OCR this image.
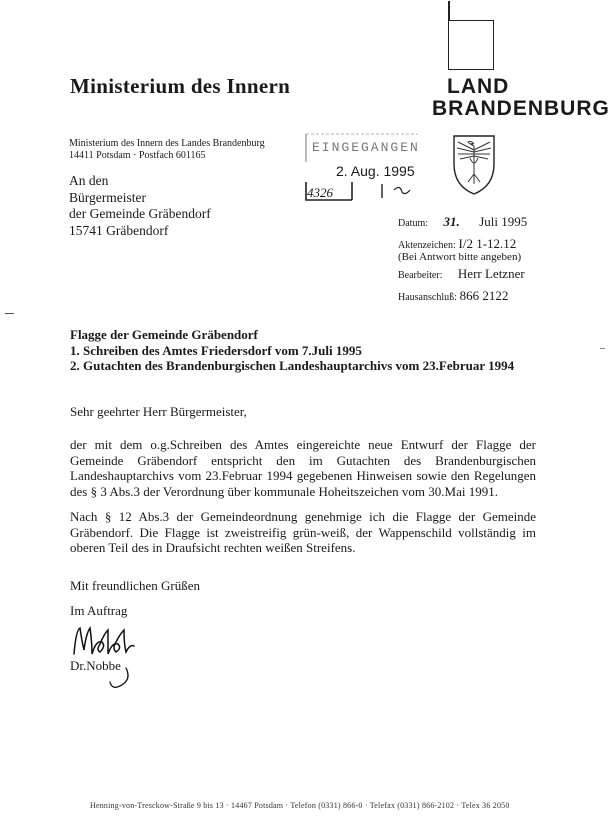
Ministerium des Innern	LAND
BRANDENBURG
Ministerium des Innern des Landes Brandenburg
14411 Potsdam · Postfach 601165
An den
Bürgermeister
der Gemeinde Gräbendorf
15741 Gräbendorf
EINGEGANGEN
2. Aug. 1995
4326
Datum: 31. Juli 1995
Aktenzeichen: I/2 1-12.12
(Bei Antwort bitte angeben)
Bearbeiter: Herr Letzner
Hausanschluß: 866 2122
Flagge der Gemeinde Gräbendorf
1. Schreiben des Amtes Friedersdorf vom 7.Juli 1995
2. Gutachten des Brandenburgischen Landeshauptarchivs vom 23.Februar 1994
Sehr geehrter Herr Bürgermeister,
der mit dem o.g.Schreiben des Amtes eingereichte neue Entwurf der Flagge der Gemeinde Gräbendorf entspricht den im Gutachten des Brandenburgischen Landeshauptarchivs vom 23.Februar 1994 gegebenen Hinweisen sowie den Regelungen des § 3 Abs.3 der Verordnung über kommunale Hoheitszeichen vom 30.Mai 1991.
Nach § 12 Abs.3 der Gemeindeordnung genehmige ich die Flagge der Gemeinde Gräbendorf. Die Flagge ist zweistreifig grün-weiß, der Wappenschild vollständig im oberen Teil des in Draufsicht rechten weißen Streifens.
Mit freundlichen Grüßen
Im Auftrag
Dr.Nobbe
Henning-von-Tresckow-Straße 9 bis 13 · 14467 Potsdam · Telefon (0331) 866-0 · Telefax (0331) 866-2102 · Telex 36 2050
